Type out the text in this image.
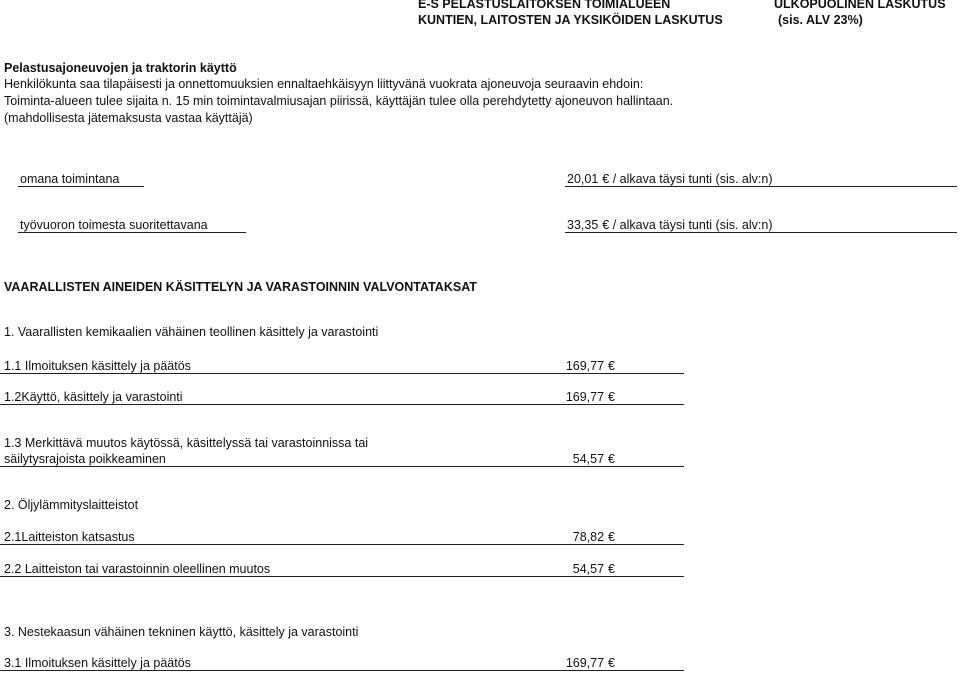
E-S PELASTUSLAITOKSEN TOIMIALUEEN
KUNTIEN, LAITOSTEN JA YKSIKÖIDEN LASKUTUS
ULKOPUOLINEN LASKUTUS
(sis. ALV 23%)
Pelastusajoneuvojen ja traktorin käyttö
Henkilökunta saa tilapäisesti ja onnettomuuksien ennaltaehkäisyyn liittyvänä vuokrata ajoneuvoja seuraavin ehdoin:
Toiminta-alueen tulee sijaita n. 15 min toimintavalmiusajan piirissä, käyttäjän tulee olla perehdytetty ajoneuvon hallintaan.
(mahdollisesta jätemaksusta vastaa käyttäjä)
omana toimintana	20,01 € / alkava täysi tunti (sis. alv:n)
työvuoron toimesta suoritettavana	33,35 € / alkava täysi tunti (sis. alv:n)
VAARALLISTEN AINEIDEN KÄSITTELYN JA VARASTOINNIN VALVONTATAKSAT
1. Vaarallisten kemikaalien vähäinen teollinen käsittely ja varastointi
1.1 Ilmoituksen käsittely ja päätös	169,77 €
1.2Käyttö, käsittely ja varastointi	169,77 €
1.3 Merkittävä muutos käytössä, käsittelyssä tai varastoinnissa tai
säilytysrajoista poikkeaminen	54,57 €
2. Öljylämmityslaitteistot
2.1Laitteiston katsastus	78,82 €
2.2 Laitteiston tai varastoinnin oleellinen muutos	54,57 €
3. Nestekaasun vähäinen tekninen käyttö, käsittely ja varastointi
3.1 Ilmoituksen käsittely ja päätös	169,77 €
